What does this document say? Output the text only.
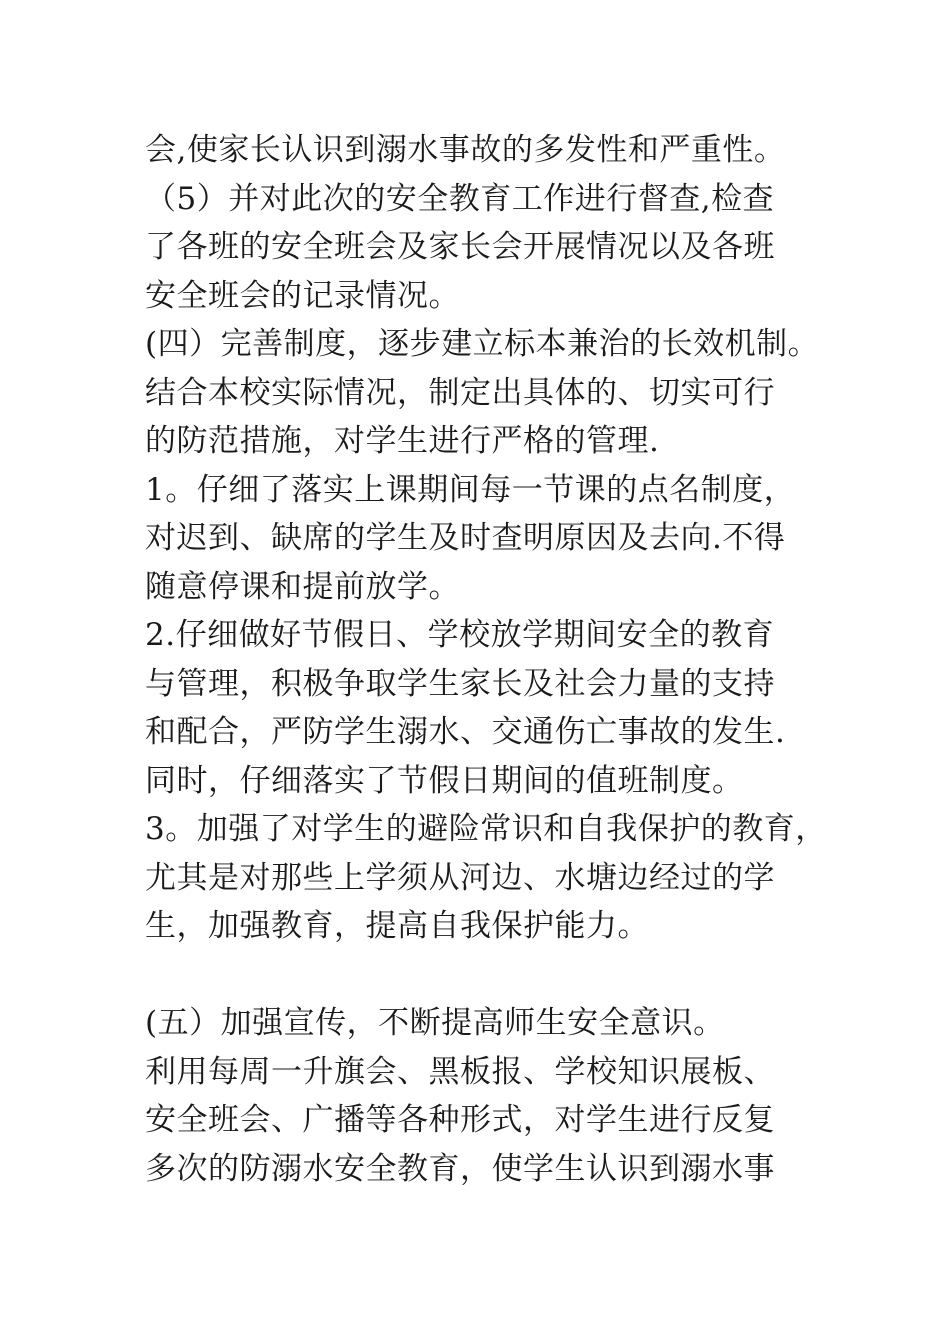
会,使家长认识到溺水事故的多发性和严重性。
（5）并对此次的安全教育工作进行督查,检查
了各班的安全班会及家长会开展情况以及各班
安全班会的记录情况。
(四）完善制度，逐步建立标本兼治的长效机制。
结合本校实际情况，制定出具体的、切实可行
的防范措施，对学生进行严格的管理.
1。仔细了落实上课期间每一节课的点名制度，
对迟到、缺席的学生及时查明原因及去向.不得
随意停课和提前放学。
2.仔细做好节假日、学校放学期间安全的教育
与管理，积极争取学生家长及社会力量的支持
和配合，严防学生溺水、交通伤亡事故的发生.
同时，仔细落实了节假日期间的值班制度。
3。加强了对学生的避险常识和自我保护的教育，
尤其是对那些上学须从河边、水塘边经过的学
生，加强教育，提高自我保护能力。
(五）加强宣传，不断提高师生安全意识。
利用每周一升旗会、黑板报、学校知识展板、
安全班会、广播等各种形式，对学生进行反复
多次的防溺水安全教育，使学生认识到溺水事
